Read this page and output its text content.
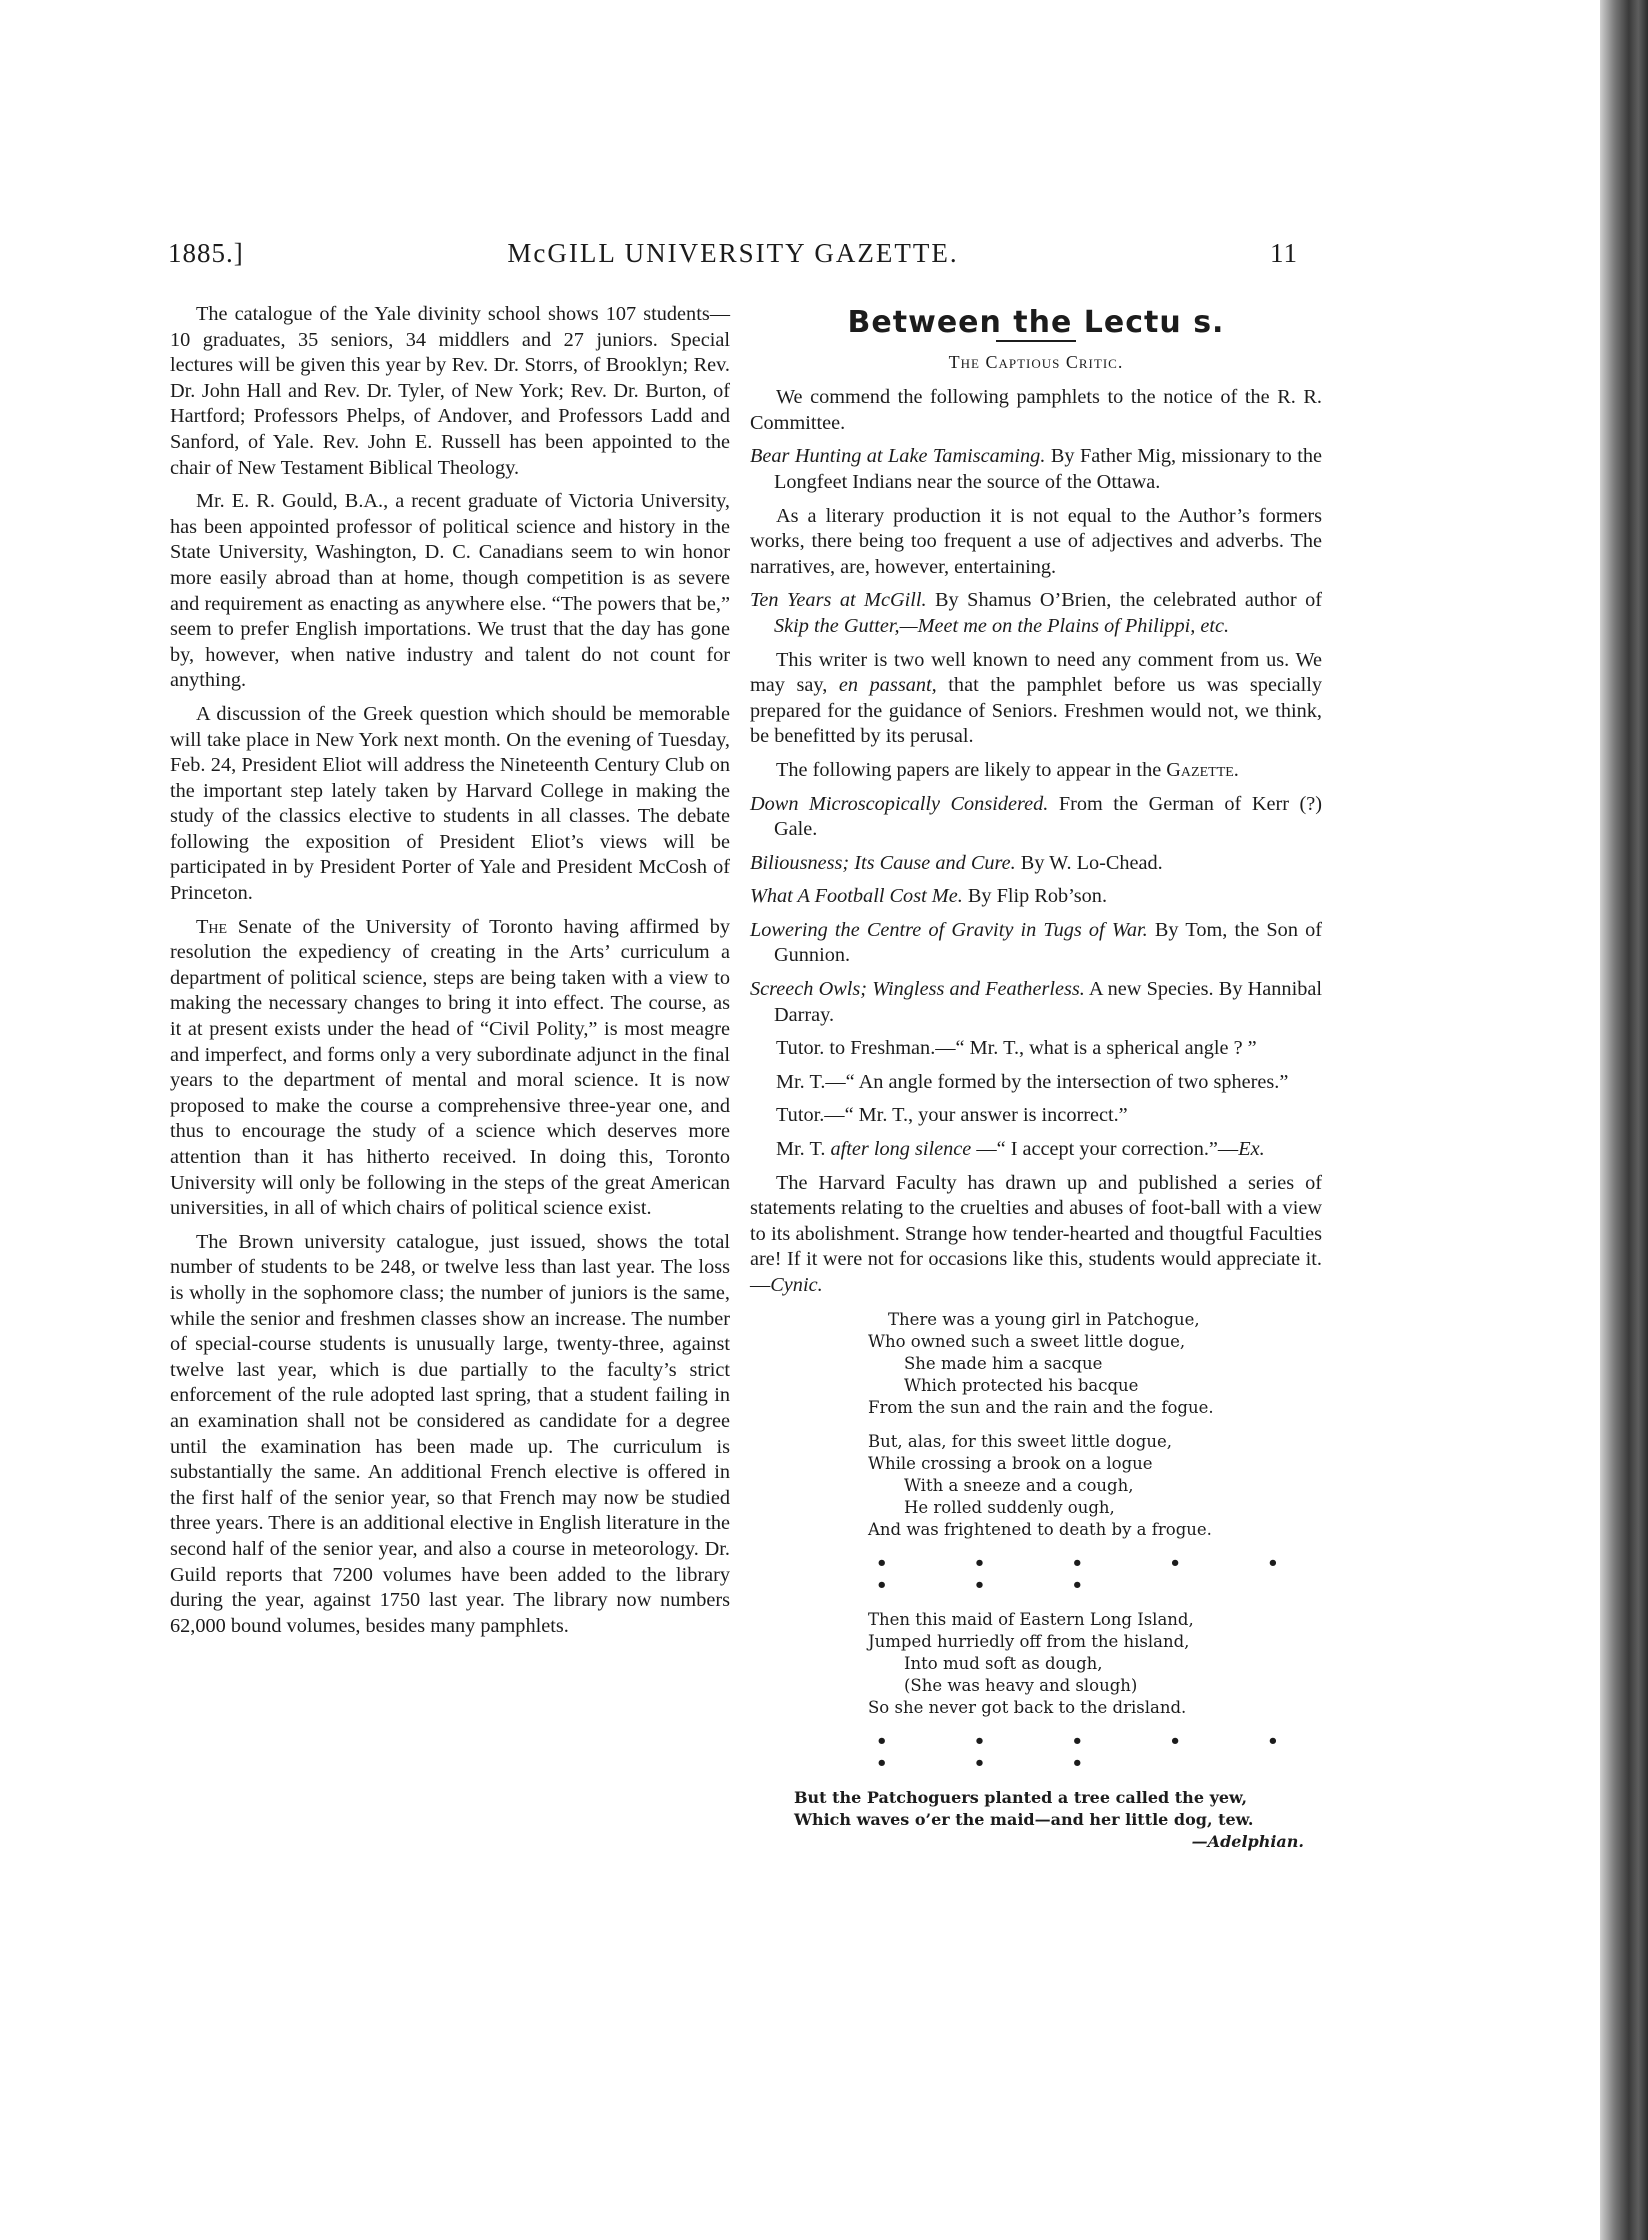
1885.]	McGILL UNIVERSITY GAZETTE.	11

The catalogue of the Yale divinity school shows 107 students—10 graduates, 35 seniors, 34 middlers and 27 juniors. Special lectures will be given this year by Rev. Dr. Storrs, of Brooklyn; Rev. Dr. John Hall and Rev. Dr. Tyler, of New York; Rev. Dr. Burton, of Hartford; Professors Phelps, of Andover, and Professors Ladd and Sanford, of Yale. Rev. John E. Russell has been appointed to the chair of New Testament Biblical Theology.

Mr. E. R. Gould, B.A., a recent graduate of Victoria University, has been appointed professor of political science and history in the State University, Washington, D. C. Canadians seem to win honor more easily abroad than at home, though competition is as severe and requirement as enacting as anywhere else. “The powers that be,” seem to prefer English importations. We trust that the day has gone by, however, when native industry and talent do not count for anything.

A discussion of the Greek question which should be memorable will take place in New York next month. On the evening of Tuesday, Feb. 24, President Eliot will address the Nineteenth Century Club on the important step lately taken by Harvard College in making the study of the classics elective to students in all classes. The debate following the exposition of President Eliot’s views will be participated in by President Porter of Yale and President McCosh of Princeton.

The Senate of the University of Toronto having affirmed by resolution the expediency of creating in the Arts’ curriculum a department of political science, steps are being taken with a view to making the necessary changes to bring it into effect. The course, as it at present exists under the head of “Civil Polity,” is most meagre and imperfect, and forms only a very subordinate adjunct in the final years to the department of mental and moral science. It is now proposed to make the course a comprehensive three-year one, and thus to encourage the study of a science which deserves more attention than it has hitherto received. In doing this, Toronto University will only be following in the steps of the great American universities, in all of which chairs of political science exist.

The Brown university catalogue, just issued, shows the total number of students to be 248, or twelve less than last year. The loss is wholly in the sophomore class; the number of juniors is the same, while the senior and freshmen classes show an increase. The number of special-course students is unusually large, twenty-three, against twelve last year, which is due partially to the faculty’s strict enforcement of the rule adopted last spring, that a student failing in an examination shall not be considered as candidate for a degree until the examination has been made up. The curriculum is substantially the same. An additional French elective is offered in the first half of the senior year, so that French may now be studied three years. There is an additional elective in English literature in the second half of the senior year, and also a course in meteorology. Dr. Guild reports that 7200 volumes have been added to the library during the year, against 1750 last year. The library now numbers 62,000 bound volumes, besides many pamphlets.

Between the Lectu s.
The Captious Critic.

We commend the following pamphlets to the notice of the R. R. Committee.

Bear Hunting at Lake Tamiscaming. By Father Mig, missionary to the Longfeet Indians near the source of the Ottawa.

As a literary production it is not equal to the Author’s formers works, there being too frequent a use of adjectives and adverbs. The narratives, are, however, entertaining.

Ten Years at McGill. By Shamus O’Brien, the celebrated author of Skip the Gutter,—Meet me on the Plains of Philippi, etc.

This writer is two well known to need any comment from us. We may say, en passant, that the pamphlet before us was specially prepared for the guidance of Seniors. Freshmen would not, we think, be benefitted by its perusal.

The following papers are likely to appear in the Gazette.

Down Microscopically Considered. From the German of Kerr (?) Gale.

Biliousness; Its Cause and Cure. By W. Lo-Chead.

What A Football Cost Me. By Flip Rob’son.

Lowering the Centre of Gravity in Tugs of War. By Tom, the Son of Gunnion.

Screech Owls; Wingless and Featherless. A new Species. By Hannibal Darray.

Tutor. to Freshman.—“ Mr. T., what is a spherical angle ? ”

Mr. T.—“ An angle formed by the intersection of two spheres.”

Tutor.—“ Mr. T., your answer is incorrect.”

Mr. T. after long silence —“ I accept your correction.”—Ex.

The Harvard Faculty has drawn up and published a series of statements relating to the cruelties and abuses of foot-ball with a view to its abolishment. Strange how tender-hearted and thougtful Faculties are! If it were not for occasions like this, students would appreciate it.—Cynic.

There was a young girl in Patchogue,
Who owned such a sweet little dogue,
She made him a sacque
Which protected his bacque
From the sun and the rain and the fogue.
But, alas, for this sweet little dogue,
While crossing a brook on a logue
With a sneeze and a cough,
He rolled suddenly ough,
And was frightened to death by a frogue.
• • • • • • • •
Then this maid of Eastern Long Island,
Jumped hurriedly off from the hisland,
Into mud soft as dough,
(She was heavy and slough)
So she never got back to the drisland.
• • • • • • • •
But the Patchoguers planted a tree called the yew,
Which waves o’er the maid—and her little dog, tew.
—Adelphian.
